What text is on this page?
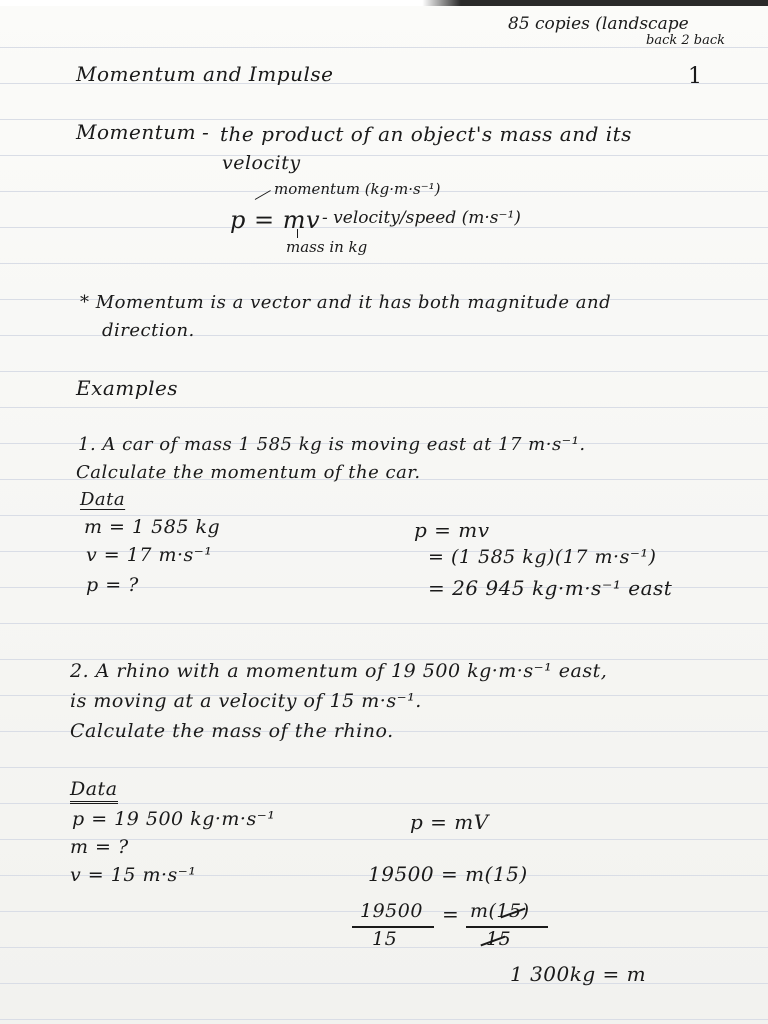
85 copies (landscape
back 2 back
1
Momentum and Impulse
Momentum - the product of an object's mass and its
velocity
momentum (kg·m·s⁻¹)
p = mv - velocity/speed (m·s⁻¹)
mass in kg
* Momentum is a vector and it has both magnitude and
direction.
Examples
1. A car of mass 1 585 kg is moving east at 17 m·s⁻¹.
Calculate the momentum of the car.
Data
m = 1 585 kg
v = 17 m·s⁻¹
p = ?
p = mv
= (1 585 kg)(17 m·s⁻¹)
= 26 945 kg·m·s⁻¹ east
2. A rhino with a momentum of 19 500 kg·m·s⁻¹ east,
is moving at a velocity of 15 m·s⁻¹.
Calculate the mass of the rhino.
Data
p = 19 500 kg·m·s⁻¹
m = ?
v = 15 m·s⁻¹
p = mV
19500 = m(15)
19500
15
= m(15)
15
1 300kg = m
